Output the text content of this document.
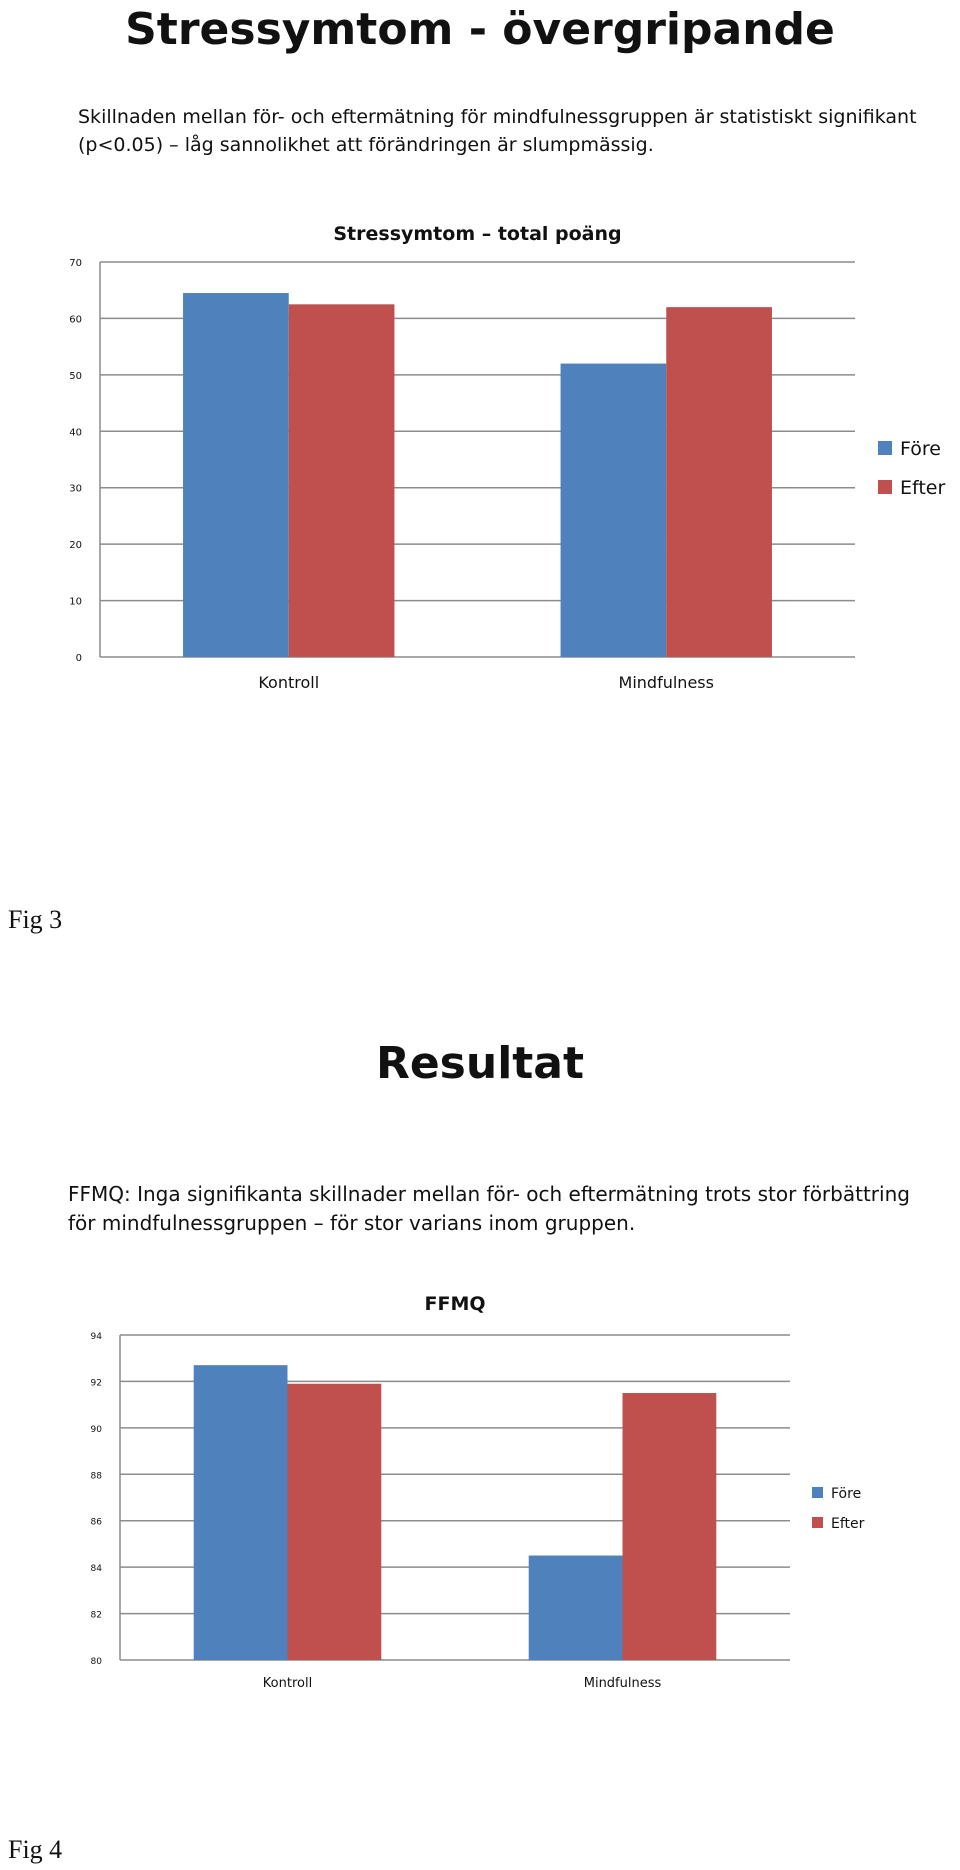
Stressymtom - övergripande
Skillnaden mellan för- och eftermätning för mindfulnessgruppen är statistiskt signifikant (p<0.05) – låg sannolikhet att förändringen är slumpmässig.
Stressymtom – total poäng
0
10
20
30
40
50
60
70
Kontroll	Mindfulness
Före
Efter
Fig 3
Resultat
FFMQ: Inga signifikanta skillnader mellan för- och eftermätning trots stor förbättring för mindfulnessgruppen – för stor varians inom gruppen.
FFMQ
80
82
84
86
88
90
92
94
Kontroll	Mindfulness
Före
Efter
Fig 4
